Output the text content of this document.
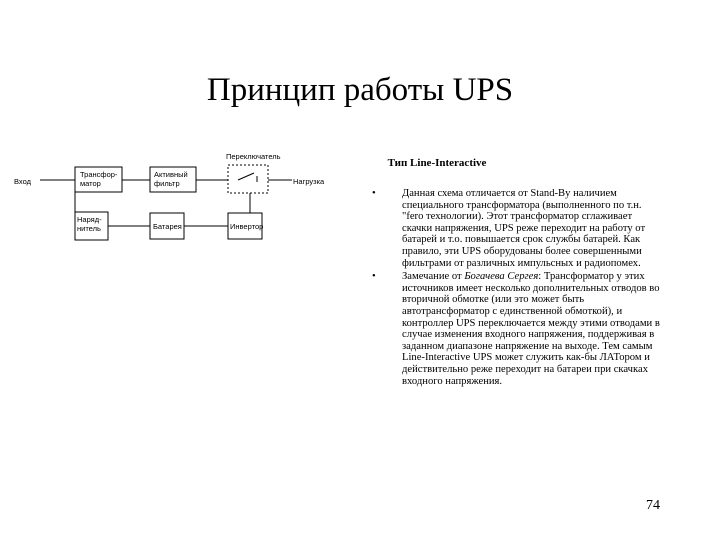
Принцип работы UPS
Вход
Переключатель
Нагрузка
Трансфор-
матор
Активный
фильтр
Наряд-
нитель	Батарея	Инвертор
Тип Line-Interactive
• Данная схема отличается от Stand-By наличием специального трансформатора (выполненного по т.н. "fero технологии). Этот трансформатор сглаживает скачки напряжения, UPS реже переходит на работу от батарей и т.о. повышается срок службы батарей. Как правило, эти UPS оборудованы более совершенными фильтрами от различных импульсных и радиопомех.
• Замечание от Богачева Сергея: Трансформатор у этих источников имеет несколько дополнительных отводов во вторичной обмотке (или это может быть автотрансформатор с единственной обмоткой), и контроллер UPS переключается между этими отводами в случае изменения входного напряжения, поддерживая в заданном диапазоне напряжение на выходе. Тем самым Line-Interactive UPS может служить как-бы ЛАТором и действительно реже переходит на батареи при скачках входного напряжения.
74
